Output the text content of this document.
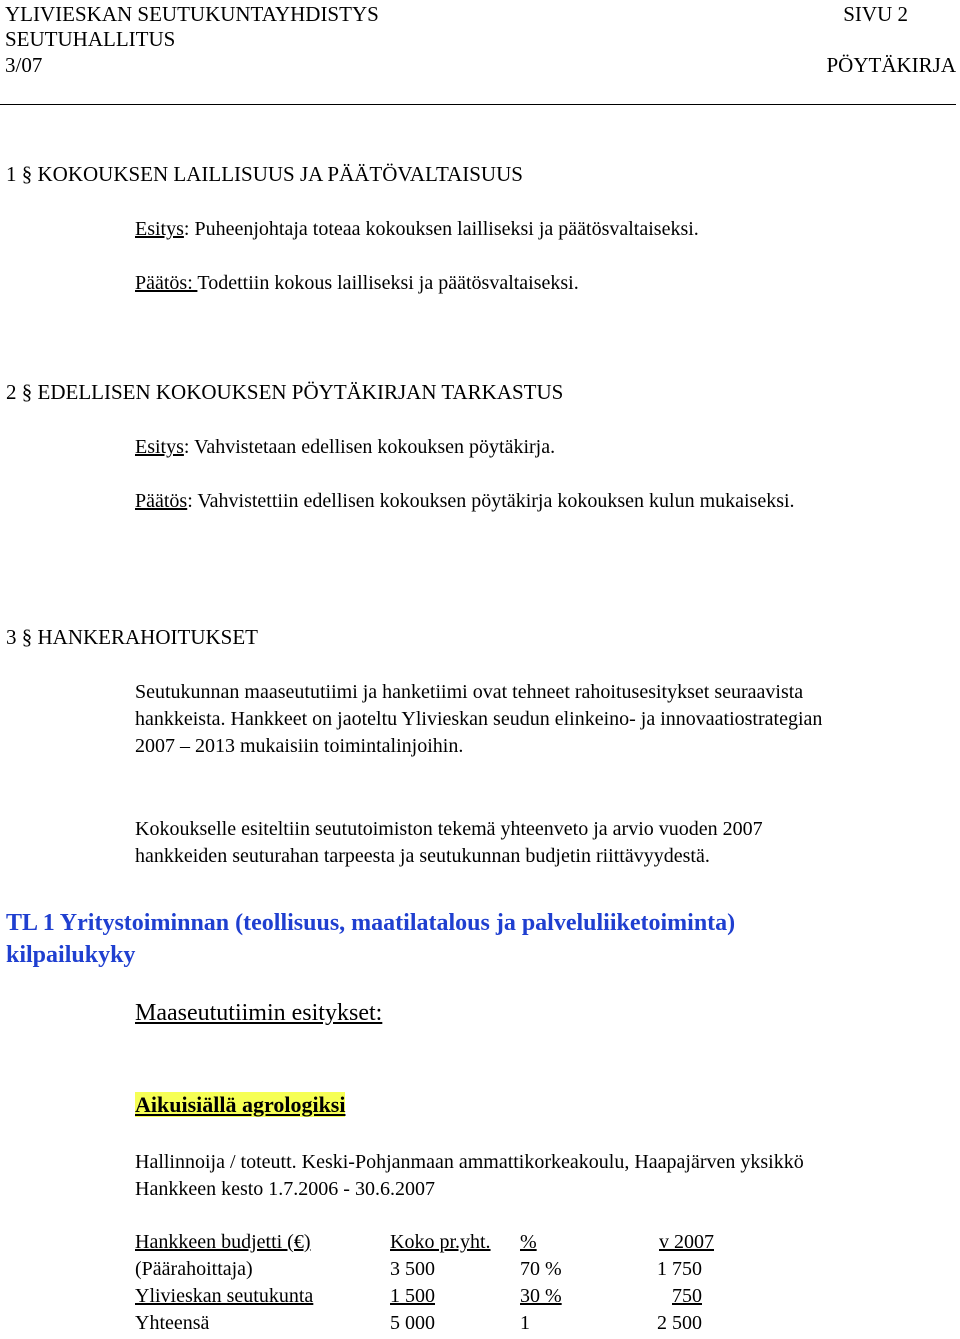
YLIVIESKAN SEUTUKUNTAYHDISTYS	SIVU 2
SEUTUHALLITUS
3/07	PÖYTÄKIRJA
1 § KOKOUKSEN LAILLISUUS JA PÄÄTÖVALTAISUUS
Esitys: Puheenjohtaja toteaa kokouksen lailliseksi ja päätösvaltaiseksi.
Päätös: Todettiin kokous lailliseksi ja päätösvaltaiseksi.
2 § EDELLISEN KOKOUKSEN PÖYTÄKIRJAN TARKASTUS
Esitys: Vahvistetaan edellisen kokouksen pöytäkirja.
Päätös: Vahvistettiin edellisen kokouksen pöytäkirja kokouksen kulun mukaiseksi.
3 § HANKERAHOITUKSET
Seutukunnan maaseututiimi ja hanketiimi ovat tehneet rahoitusesitykset seuraavista
hankkeista. Hankkeet on jaoteltu Ylivieskan seudun elinkeino- ja innovaatiostrategian
2007 – 2013 mukaisiin toimintalinjoihin.
Kokoukselle esiteltiin seututoimiston tekemä yhteenveto ja arvio vuoden 2007
hankkeiden seuturahan tarpeesta ja seutukunnan budjetin riittävyydestä.
TL 1 Yritystoiminnan (teollisuus, maatilatalous ja palveluliiketoiminta)
kilpailukyky
Maaseututiimin esitykset:
Aikuisiällä agrologiksi
Hallinnoija / toteutt. Keski-Pohjanmaan ammattikorkeakoulu, Haapajärven yksikkö
Hankkeen kesto 1.7.2006 - 30.6.2007
Hankkeen budjetti (€)	Koko pr.yht.	%	v 2007
(Päärahoittaja)	3 500	70 %	1 750
Ylivieskan seutukunta	1 500	30 %	750
Yhteensä	5 000	1	2 500
